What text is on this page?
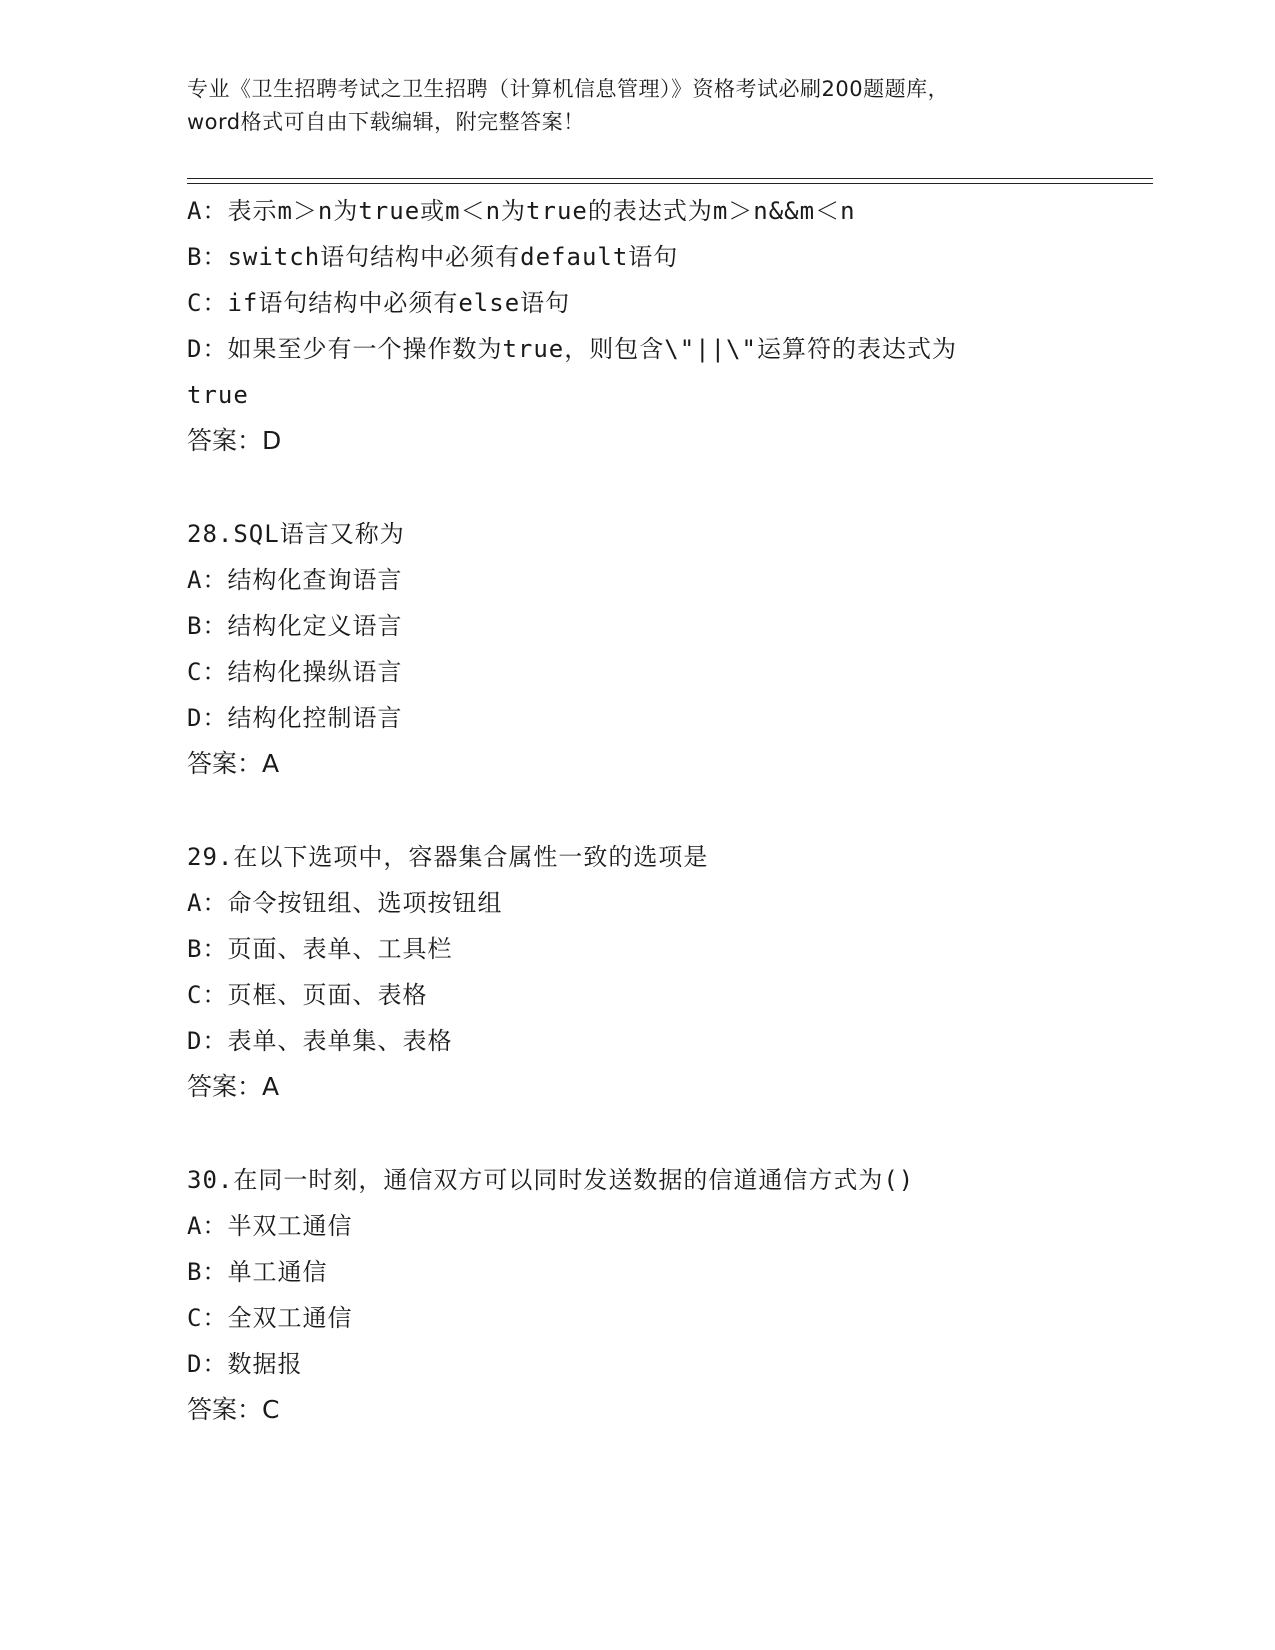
专业《卫生招聘考试之卫生招聘（计算机信息管理）》资格考试必刷200题题库，
word格式可自由下载编辑，附完整答案！
A：表示m＞n为true或m＜n为true的表达式为m＞n&&m＜n
B：switch语句结构中必须有default语句
C：if语句结构中必须有else语句
D：如果至少有一个操作数为true，则包含\"||\"运算符的表达式为
true
答案：D
28.SQL语言又称为
A：结构化查询语言
B：结构化定义语言
C：结构化操纵语言
D：结构化控制语言
答案：A
29.在以下选项中，容器集合属性一致的选项是
A：命令按钮组、选项按钮组
B：页面、表单、工具栏
C：页框、页面、表格
D：表单、表单集、表格
答案：A
30.在同一时刻，通信双方可以同时发送数据的信道通信方式为()
A：半双工通信
B：单工通信
C：全双工通信
D：数据报
答案：C
